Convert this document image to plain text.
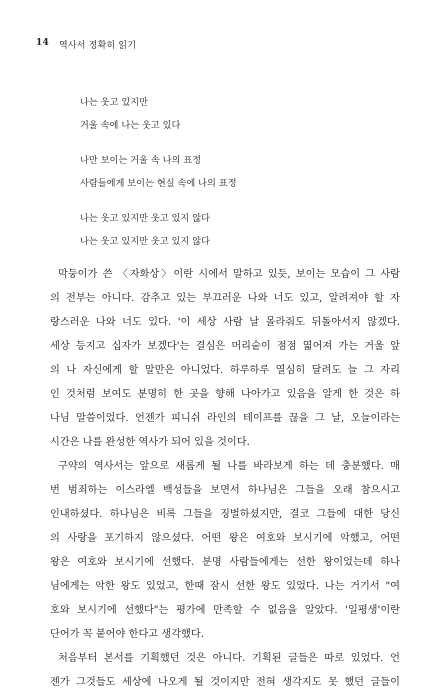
14 역사서 정확히 읽기
나는 웃고 있지만
거울 속에 나는 웃고 있다
나만 보이는 거울 속 나의 표정
사람들에게 보이는 현실 속에 나의 표정
나는 웃고 있지만 웃고 있지 않다
나는 웃고 있지만 웃고 있지 않다
막둥이가 쓴 〈자화상〉이란 시에서 말하고 있듯, 보이는 모습이 그 사람
의 전부는 아니다. 감추고 있는 부끄러운 나와 너도 있고, 알려져야 할 자
랑스러운 나와 너도 있다. '이 세상 사람 날 몰라줘도 뒤돌아서지 않겠다.
세상 등지고 십자가 보겠다'는 결심은 머리숱이 점점 엷어져 가는 거울 앞
의 나 자신에게 할 말만은 아니었다. 하루하루 열심히 달려도 늘 그 자리
인 것처럼 보여도 분명히 한 곳을 향해 나아가고 있음을 알게 한 것은 하
나님 말씀이었다. 언젠가 피니쉬 라인의 테이프를 끊을 그 날, 오늘이라는
시간은 나를 완성한 역사가 되어 있을 것이다.
구약의 역사서는 앞으로 새롭게 될 나를 바라보게 하는 데 충분했다. 매
번 범죄하는 이스라엘 백성들을 보면서 하나님은 그들을 오래 참으시고
인내하셨다. 하나님은 비록 그들을 징벌하셨지만, 결코 그들에 대한 당신
의 사랑을 포기하지 않으셨다. 어떤 왕은 여호와 보시기에 악했고, 어떤
왕은 여호와 보시기에 선했다. 분명 사람들에게는 선한 왕이었는데 하나
님에게는 악한 왕도 있었고, 한때 잠시 선한 왕도 있었다. 나는 거기서 "여
호와 보시기에 선했다"는 평가에 만족할 수 없음을 알았다. '일평생'이란
단어가 꼭 붙어야 한다고 생각했다.
처음부터 본서를 기획했던 것은 아니다. 기획된 글들은 따로 있었다. 언
젠가 그것들도 세상에 나오게 될 것이지만 전혀 생각지도 못 했던 글들이
